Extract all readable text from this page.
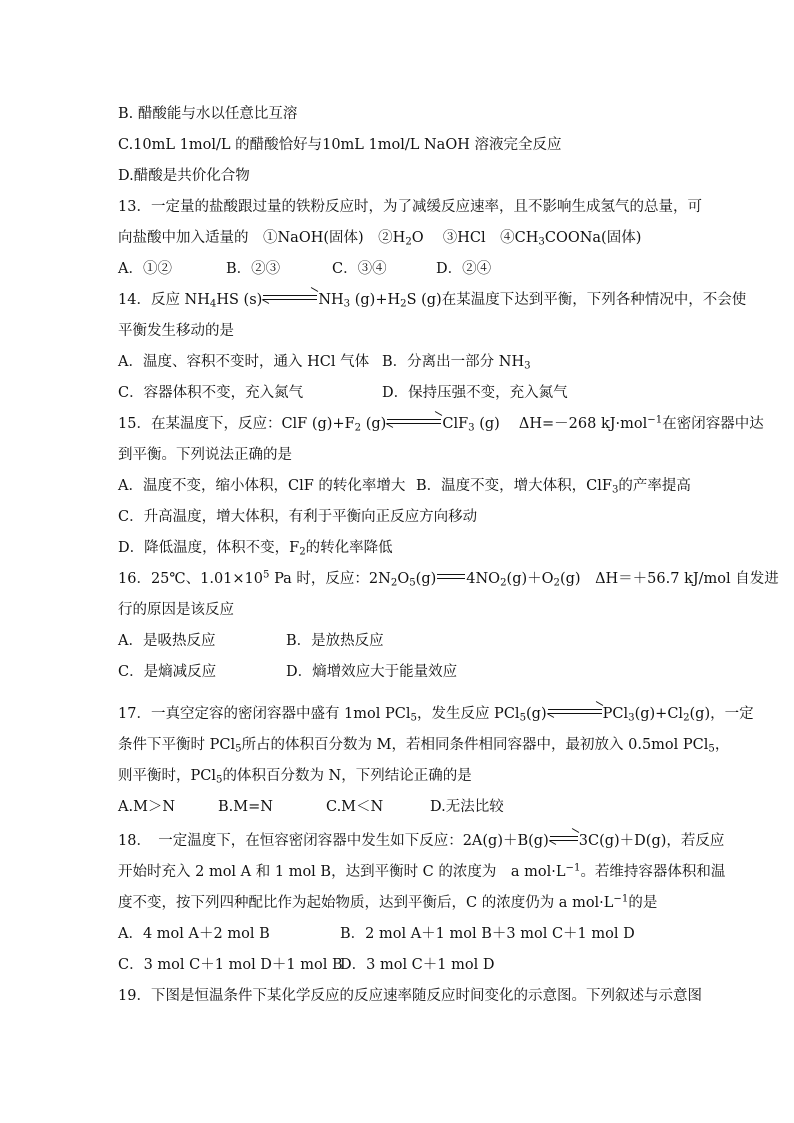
B. 醋酸能与水以任意比互溶
C.10mL 1mol/L 的醋酸恰好与10mL 1mol/L NaOH 溶液完全反应
D.醋酸是共价化合物
13．一定量的盐酸跟过量的铁粉反应时，为了减缓反应速率，且不影响生成氢气的总量，可
向盐酸中加入适量的　①NaOH(固体)　$②H_2O$　 ③HCl　$④CH_3COONa$(固体)
A．①②	B．②③	C．③④	D．②④
14．反应 $NH_4HS$ (s)	$NH_3$ $(g)+H_2S$ (g)在某温度下达到平衡，下列各种情况中，不会使
平衡发生移动的是
A．温度、容积不变时，通入 HCl 气体 B．分离出一部分 $NH_3$
C．容器体积不变，充入氮气	D．保持压强不变，充入氮气
15．在某温度下，反应：ClF $(g)+F_2$ (g)	ClF$_3$ (g)　 ΔH=－268 kJ·mol$^{-1}$在密闭容器中达
到平衡。下列说法正确的是
A．温度不变，缩小体积，ClF 的转化率增大 B．温度不变，增大体积，ClF$_3$的产率提高
C．升高温度，增大体积，有利于平衡向正反应方向移动
D．降低温度，体积不变，$F_2$的转化率降低
16．25℃、$1.01\times 10^5$ Pa 时，反应：$2N_2O_5(g)$ $4NO_2(g)+O_2(g)$　ΔH＝＋56.7 kJ/mol 自发进
行的原因是该反应
A．是吸热反应	B．是放热反应
C．是熵减反应	D．熵增效应大于能量效应
17．一真空定容的密闭容器中盛有 1mol PCl$_5$，发生反应 PCl$_5$(g)	$PCl_3(g)+Cl_2(g)$，一定
条件下平衡时 PCl$_5$所占的体积百分数为 M，若相同条件相同容器中，最初放入 0.5mol PCl$_5$，
则平衡时，PCl$_5$的体积百分数为 N，下列结论正确的是
A.M＞N	B.M=N	C.M＜N	D.无法比较
18．　一定温度下，在恒容密闭容器中发生如下反应：2A(g)＋B(g) 3C(g)＋D(g)，若反应
开始时充入 2 mol A 和 1 mol B，达到平衡时 C 的浓度为　a $mol\cdot L^{-1}$。若维持容器体积和温
度不变，按下列四种配比作为起始物质，达到平衡后，C 的浓度仍为 a $mol\cdot L^{-1}$的是
A．4 mol A＋2 mol B	B．2 mol A＋1 mol B＋3 mol C＋1 mol D
C．3 mol C＋1 mol D＋1 mol B
D．3 mol C＋1 mol D
19．下图是恒温条件下某化学反应的反应速率随反应时间变化的示意图。下列叙述与示意图
